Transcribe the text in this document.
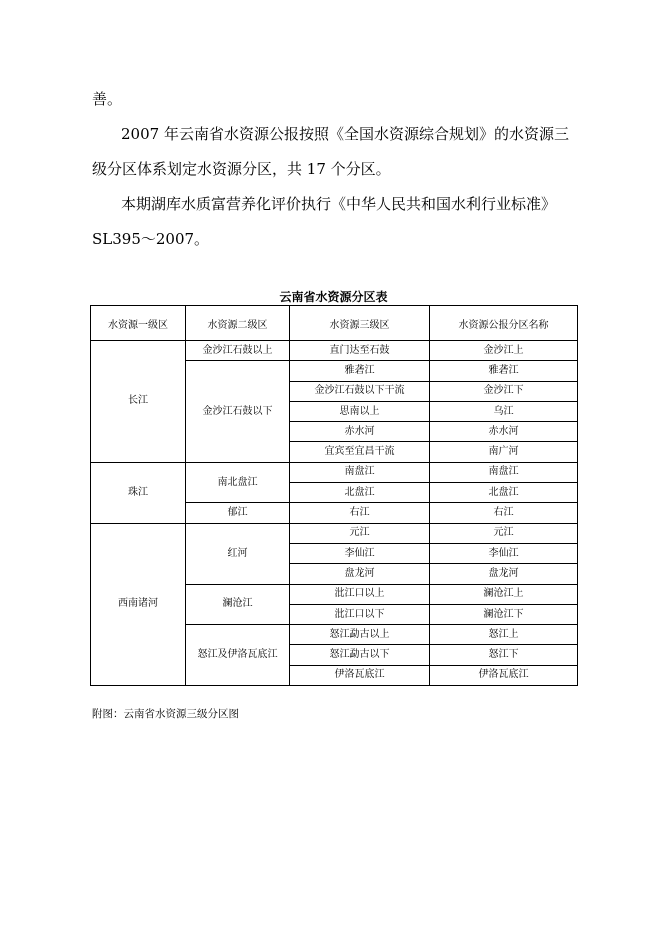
善。
2007 年云南省水资源公报按照《全国水资源综合规划》的水资源三
级分区体系划定水资源分区，共 17 个分区。
本期湖库水质富营养化评价执行《中华人民共和国水利行业标准》
SL395～2007。
云南省水资源分区表
水资源一级区	水资源二级区	水资源三级区	水资源公报分区名称
长江	金沙江石鼓以上	直门达至石鼓	金沙江上
	金沙江石鼓以下	雅砻江	雅砻江
		金沙江石鼓以下干流	金沙江下
		思南以上	乌江
		赤水河	赤水河
		宜宾至宜昌干流	南广河
珠江	南北盘江	南盘江	南盘江
		北盘江	北盘江
	郁江	右江	右江
西南诸河	红河	元江	元江
		李仙江	李仙江
		盘龙河	盘龙河
	澜沧江	沘江口以上	澜沧江上
		沘江口以下	澜沧江下
	怒江及伊洛瓦底江	怒江勐古以上	怒江上
		怒江勐古以下	怒江下
		伊洛瓦底江	伊洛瓦底江
附图：云南省水资源三级分区图
